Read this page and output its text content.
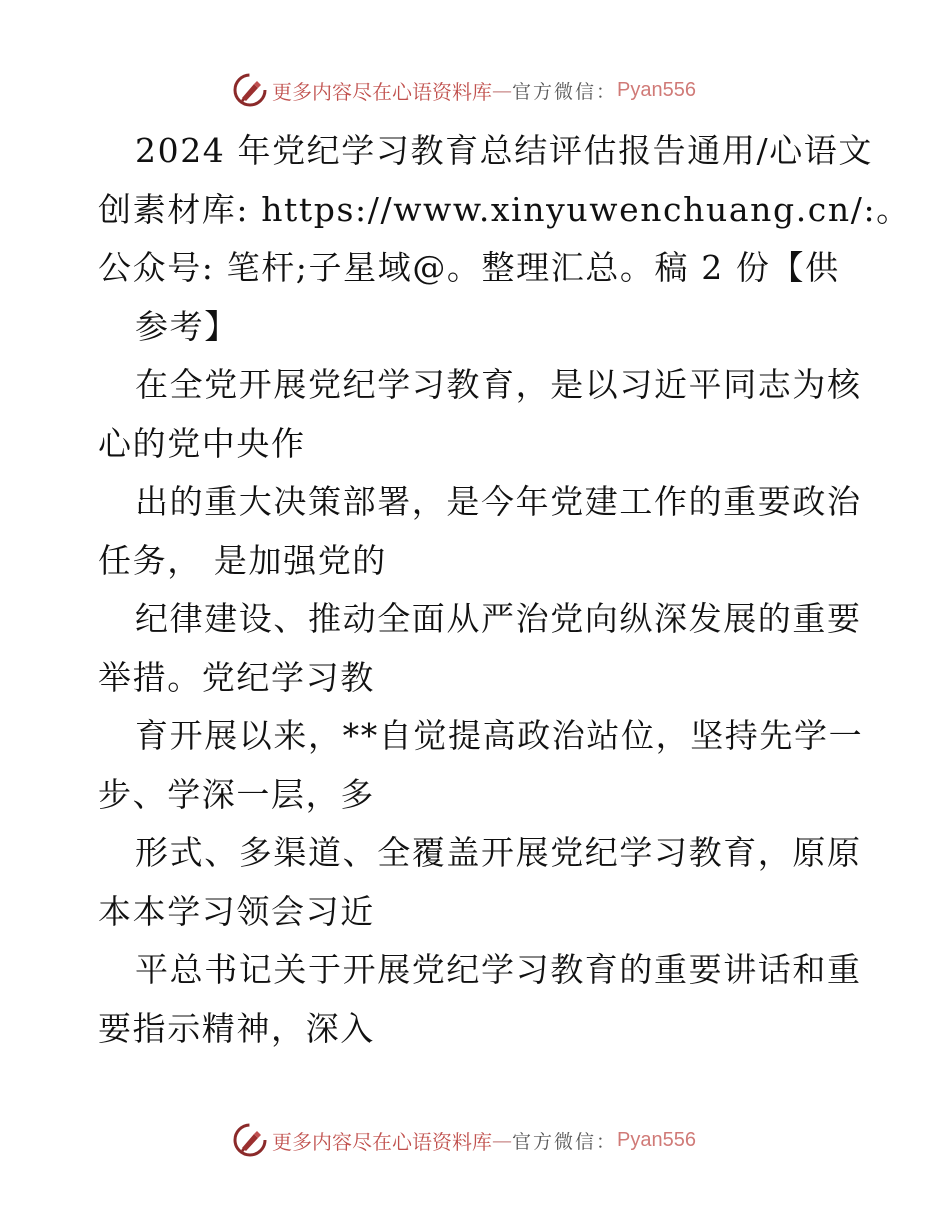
更多内容尽在心语资料库 — 官方微信： Pyan556
2024 年党纪学习教育总结评估报告通用/心语文
创素材库: https://www.xinyuwenchuang.cn/:。
公众号: 笔杆;子星域@。整理汇总。稿 2 份【供
参考】
在全党开展党纪学习教育，是以习近平同志为核
心的党中央作
出的重大决策部署，是今年党建工作的重要政治
任务， 是加强党的
纪律建设、推动全面从严治党向纵深发展的重要
举措。党纪学习教
育开展以来，**自觉提高政治站位，坚持先学一
步、学深一层，多
形式、多渠道、全覆盖开展党纪学习教育，原原
本本学习领会习近
平总书记关于开展党纪学习教育的重要讲话和重
要指示精神，深入
更多内容尽在心语资料库 — 官方微信： Pyan556
